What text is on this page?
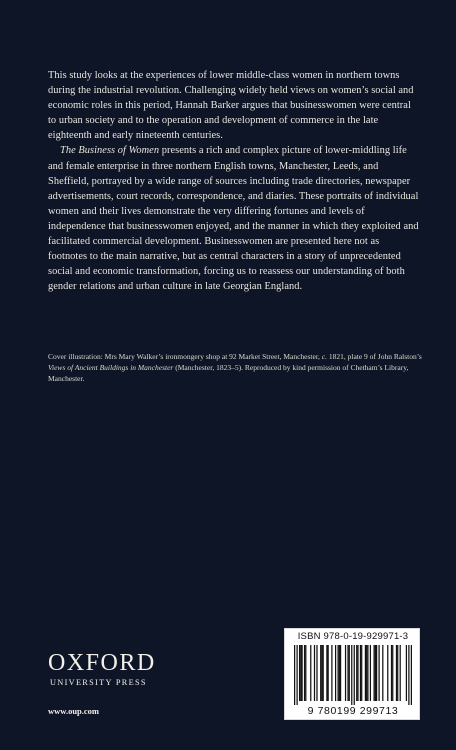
This study looks at the experiences of lower middle-class women in northern towns during the industrial revolution. Challenging widely held views on women’s social and economic roles in this period, Hannah Barker argues that businesswomen were central to urban society and to the operation and development of commerce in the late eighteenth and early nineteenth centuries.

The Business of Women presents a rich and complex picture of lower-middling life and female enterprise in three northern English towns, Manchester, Leeds, and Sheffield, portrayed by a wide range of sources including trade directories, newspaper advertisements, court records, correspondence, and diaries. These portraits of individual women and their lives demonstrate the very differing fortunes and levels of independence that businesswomen enjoyed, and the manner in which they exploited and facilitated commercial development. Businesswomen are presented here not as footnotes to the main narrative, but as central characters in a story of unprecedented social and economic transformation, forcing us to reassess our understanding of both gender relations and urban culture in late Georgian England.

Cover illustration: Mrs Mary Walker’s ironmongery shop at 92 Market Street, Manchester, c. 1821, plate 9 of John Ralston’s Views of Ancient Buildings in Manchester (Manchester, 1823–5). Reproduced by kind permission of Chetham’s Library, Manchester.
OXFORD
UNIVERSITY PRESS
www.oup.com
ISBN 978-0-19-929971-3
9 780199 299713
